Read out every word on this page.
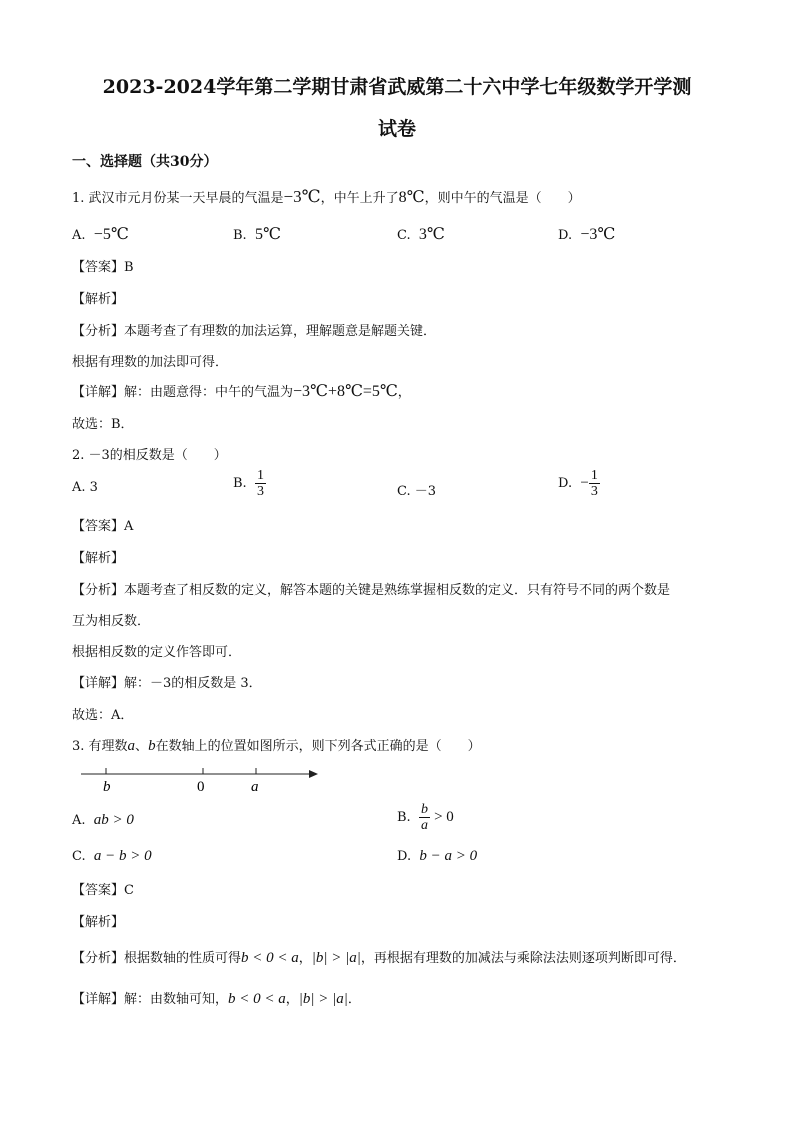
2023-2024学年第二学期甘肃省武威第二十六中学七年级数学开学测
试卷
一、选择题（共30分）
1. 武汉市元月份某一天早晨的气温是−3℃，中午上升了8℃，则中午的气温是（　　）
A. −5℃	B. 5℃	C. 3℃	D. −3℃
【答案】B
【解析】
【分析】本题考查了有理数的加法运算，理解题意是解题关键．
根据有理数的加法即可得．
【详解】解：由题意得：中午的气温为−3℃+8℃=5℃，
故选：B．
2. －3的相反数是（　　）
A. 3	B. $\frac{1}{3}$	C. －3
D. − $\frac{1}{3}$
【答案】A
【解析】
【分析】本题考查了相反数的定义，解答本题的关键是熟练掌握相反数的定义．只有符号不同的两个数是
互为相反数．
根据相反数的定义作答即可．
【详解】解：－3的相反数是 3．
故选：A．
3. 有理数a、b在数轴上的位置如图所示，则下列各式正确的是（　　）
b	0	a
A. ab > 0	B. $\frac{b}{a} > 0$
C. a − b > 0	D. b − a > 0
【答案】C
【解析】
【分析】根据数轴的性质可得b < 0 < a，|b| > |a|，再根据有理数的加减法与乘除法法则逐项判断即可得．
【详解】解：由数轴可知，b < 0 < a，|b| > |a|．
